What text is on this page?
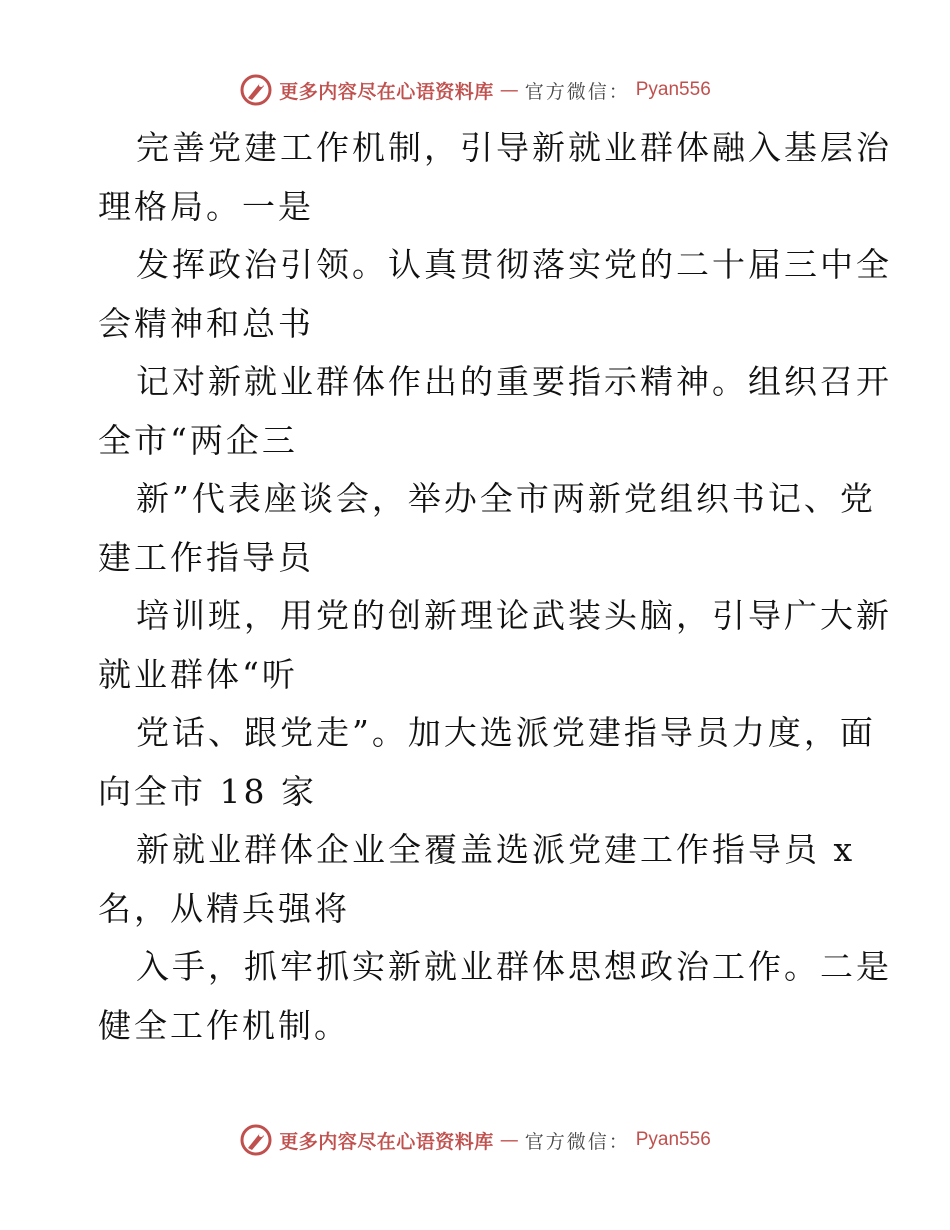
更多内容尽在心语资料库 — 官方微信： Pyan556
完善党建工作机制，引导新就业群体融入基层治
理格局。一是
发挥政治引领。认真贯彻落实党的二十届三中全
会精神和总书
记对新就业群体作出的重要指示精神。组织召开
全市“两企三
新”代表座谈会，举办全市两新党组织书记、党
建工作指导员
培训班，用党的创新理论武装头脑，引导广大新
就业群体“听
党话、跟党走”。加大选派党建指导员力度，面
向全市 18 家
新就业群体企业全覆盖选派党建工作指导员 x
名，从精兵强将
入手，抓牢抓实新就业群体思想政治工作。二是
健全工作机制。
更多内容尽在心语资料库 — 官方微信： Pyan556
